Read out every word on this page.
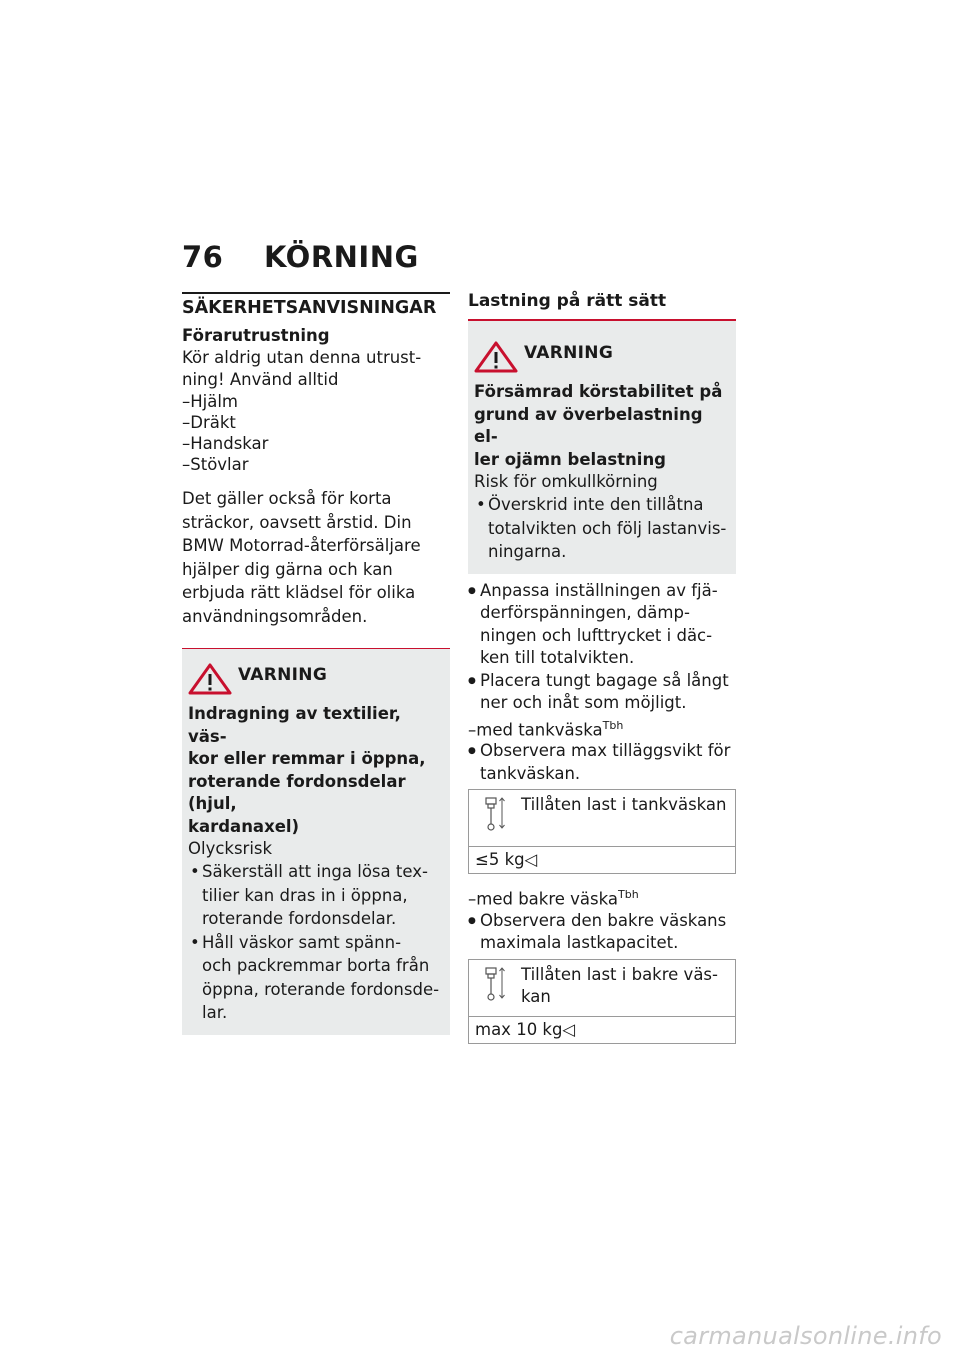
76 KÖRNING
SÄKERHETSANVISNINGAR
Förarutrustning
Kör aldrig utan denna utrust-
ning! Använd alltid
–Hjälm
–Dräkt
–Handskar
–Stövlar
Det gäller också för korta
sträckor, oavsett årstid. Din
BMW Motorrad-återförsäljare
hjälper dig gärna och kan
erbjuda rätt klädsel för olika
användningsområden.
VARNING
Indragning av textilier, väs-
kor eller remmar i öppna,
roterande fordonsdelar (hjul,
kardanaxel)
Olycksrisk
• Säkerställ att inga lösa tex-
tilier kan dras in i öppna,
roterande fordonsdelar.
• Håll väskor samt spänn-
och packremmar borta från
öppna, roterande fordonsde-
lar.
Lastning på rätt sätt
VARNING
Försämrad körstabilitet på
grund av överbelastning el-
ler ojämn belastning
Risk för omkullkörning
• Överskrid inte den tillåtna
totalvikten och följ lastanvis-
ningarna.
● Anpassa inställningen av fjä-
derförspänningen, dämp-
ningen och lufttrycket i däc-
ken till totalvikten.
● Placera tungt bagage så långt
ner och inåt som möjligt.
–med tankväska$^{Tbh}$
● Observera max tilläggsvikt för
tankväskan.
Tillåten last i tankväskan
≤5 kg◁
–med bakre väska$^{Tbh}$
● Observera den bakre väskans
maximala lastkapacitet.
Tillåten last i bakre väs-
kan
max 10 kg◁
carmanualsonline.info
